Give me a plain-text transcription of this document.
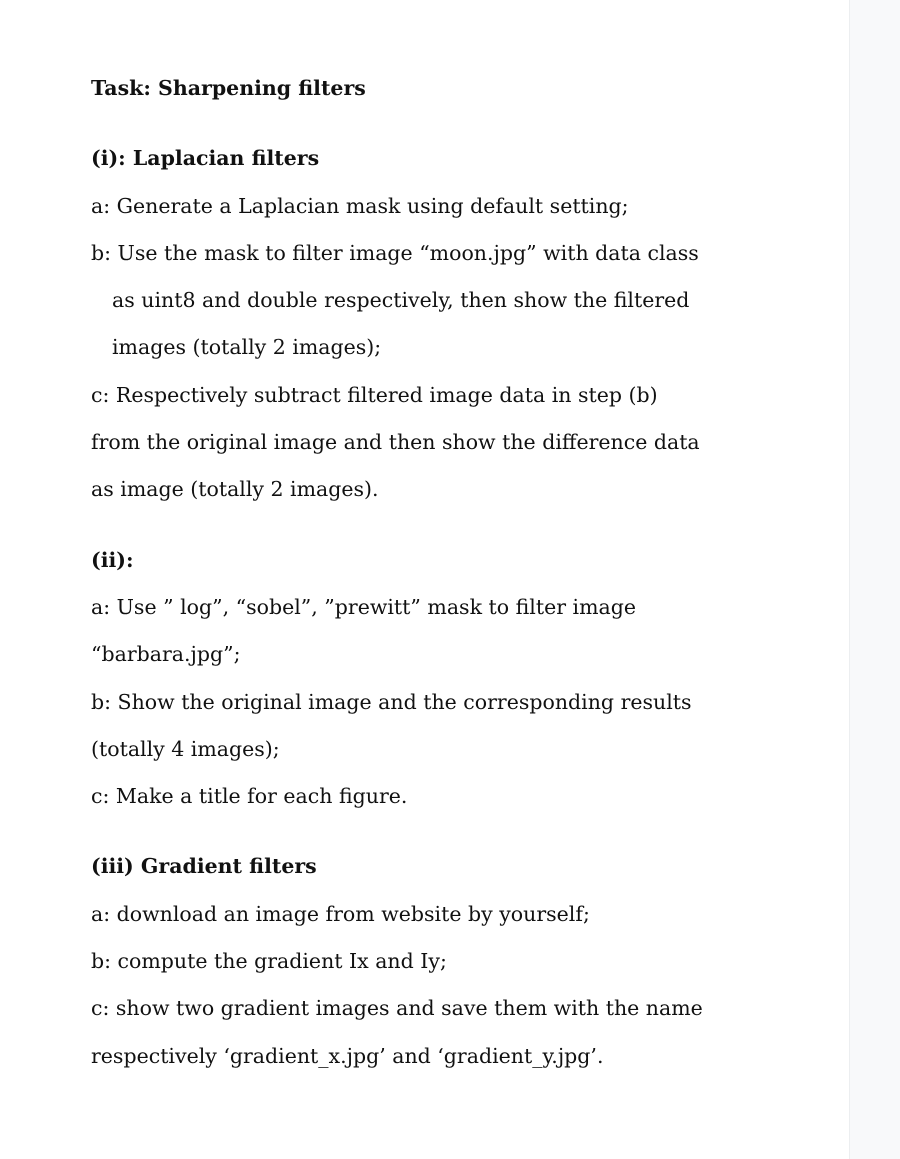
Task: Sharpening filters
(i): Laplacian filters
a: Generate a Laplacian mask using default setting;
b: Use the mask to filter image “moon.jpg” with data class
as uint8 and double respectively, then show the filtered
images (totally 2 images);
c: Respectively subtract filtered image data in step (b)
from the original image and then show the difference data
as image (totally 2 images).
(ii):
a: Use ” log”, “sobel”, ”prewitt” mask to filter image
“barbara.jpg”;
b: Show the original image and the corresponding results
(totally 4 images);
c: Make a title for each figure.
(iii) Gradient filters
a: download an image from website by yourself;
b: compute the gradient Ix and Iy;
c: show two gradient images and save them with the name
respectively ‘gradient_x.jpg’ and ‘gradient_y.jpg’.
